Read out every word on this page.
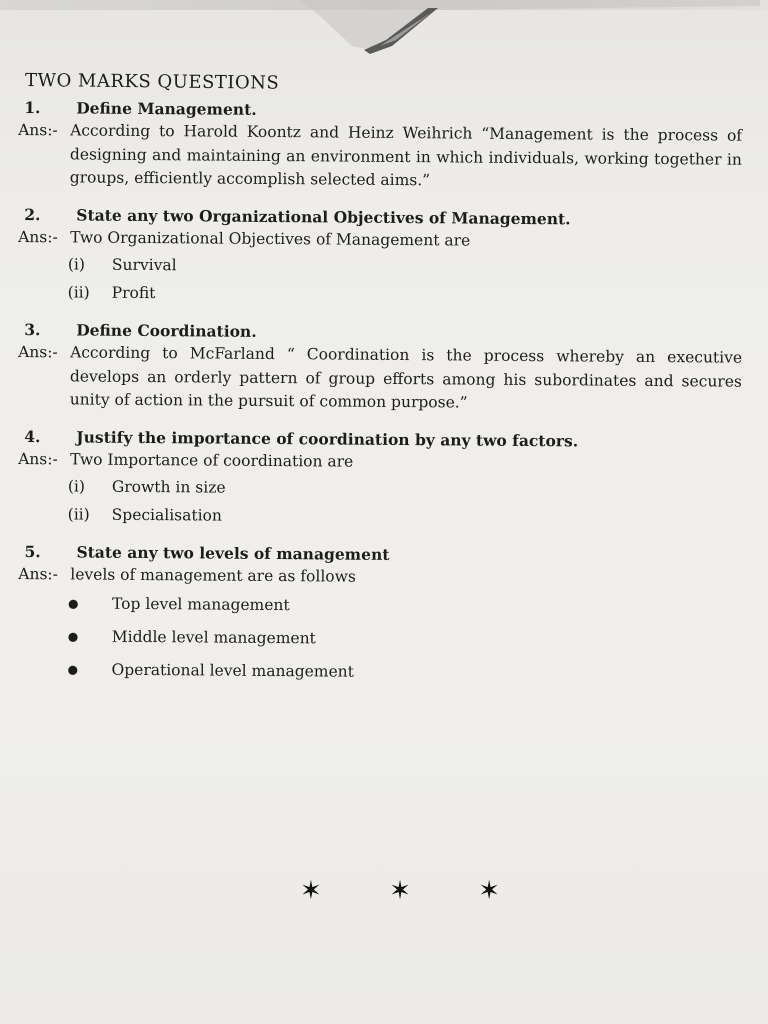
TWO MARKS QUESTIONS
1.	Define Management.
Ans:- According to Harold Koontz and Heinz Weihrich “Management is the process of designing and maintaining an environment in which individuals, working together in groups, efficiently accomplish selected aims.”
2.	State any two Organizational Objectives of Management.
Ans:- Two Organizational Objectives of Management are
(i)	Survival
(ii)	Profit
3.	Define Coordination.
Ans:- According to McFarland “ Coordination is the process whereby an executive develops an orderly pattern of group efforts among his subordinates and secures unity of action in the pursuit of common purpose.”
4.	Justify the importance of coordination by any two factors.
Ans:- Two Importance of coordination are
(i)	Growth in size
(ii)	Specialisation
5.	State any two levels of management
Ans:- levels of management are as follows
●	Top level management
●	Middle level management
●	Operational level management
✶	✶	✶
